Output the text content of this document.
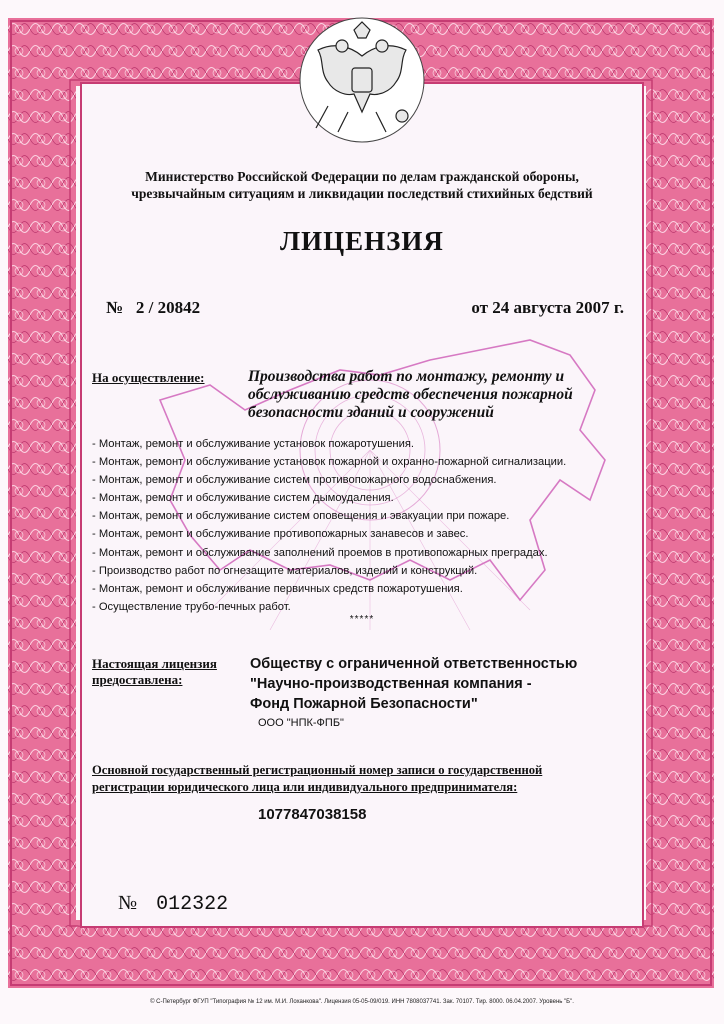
Министерство Российской Федерации по делам гражданской обороны,
чрезвычайным ситуациям и ликвидации последствий стихийных бедствий
ЛИЦЕНЗИЯ
№ 2 / 20842	от 24 августа 2007 г.
На осуществление:	Производства работ по монтажу, ремонту и обслуживанию средств обеспечения пожарной безопасности зданий и сооружений
- Монтаж, ремонт и обслуживание установок пожаротушения.
- Монтаж, ремонт и обслуживание установок пожарной и охранно-пожарной сигнализации.
- Монтаж, ремонт и обслуживание систем противопожарного водоснабжения.
- Монтаж, ремонт и обслуживание систем дымоудаления.
- Монтаж, ремонт и обслуживание систем оповещения и эвакуации при пожаре.
- Монтаж, ремонт и обслуживание противопожарных занавесов и завес.
- Монтаж, ремонт и обслуживание заполнений проемов в противопожарных преградах.
- Производство работ по огнезащите материалов, изделий и конструкций.
- Монтаж, ремонт и обслуживание первичных средств пожаротушения.
- Осуществление трубо-печных работ.
*****
Настоящая лицензия
предоставлена:
Обществу с ограниченной ответственностью
"Научно-производственная компания -
Фонд Пожарной Безопасности"
ООО "НПК-ФПБ"
Основной государственный регистрационный номер записи о государственной
регистрации юридического лица или индивидуального предпринимателя:
1077847038158
№ 012322
© С-Петербург ФГУП "Типография № 12 им. М.И. Лоханкова". Лицензия 05-05-09/019. ИНН 7808037741. Зак. 70107. Тир. 8000. 06.04.2007. Уровень "Б".
